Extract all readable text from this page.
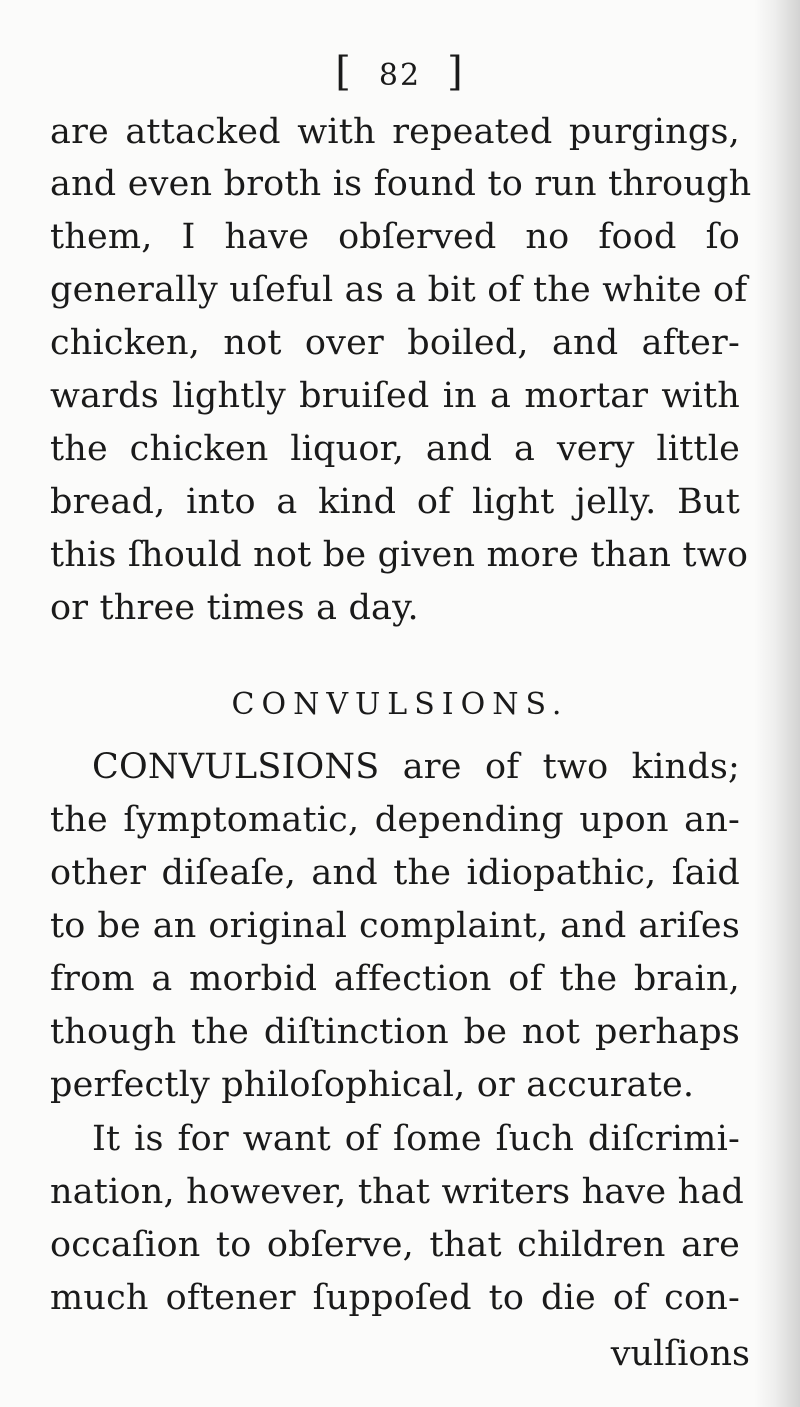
[ 82 ]
are attacked with repeated purgings,
and even broth is found to run through
them, I have obſerved no food ſo
generally uſeful as a bit of the white of
chicken, not over boiled, and after-
wards lightly bruiſed in a mortar with
the chicken liquor, and a very little
bread, into a kind of light jelly. But
this ſhould not be given more than two
or three times a day.
CONVULSIONS.
CONVULSIONS are of two kinds;
the ſymptomatic, depending upon an-
other diſeaſe, and the idiopathic, ſaid
to be an original complaint, and ariſes
from a morbid affection of the brain,
though the diſtinction be not perhaps
perfectly philoſophical, or accurate.
It is for want of ſome ſuch diſcrimi-
nation, however, that writers have had
occaſion to obſerve, that children are
much oftener ſuppoſed to die of con-
vulſions
